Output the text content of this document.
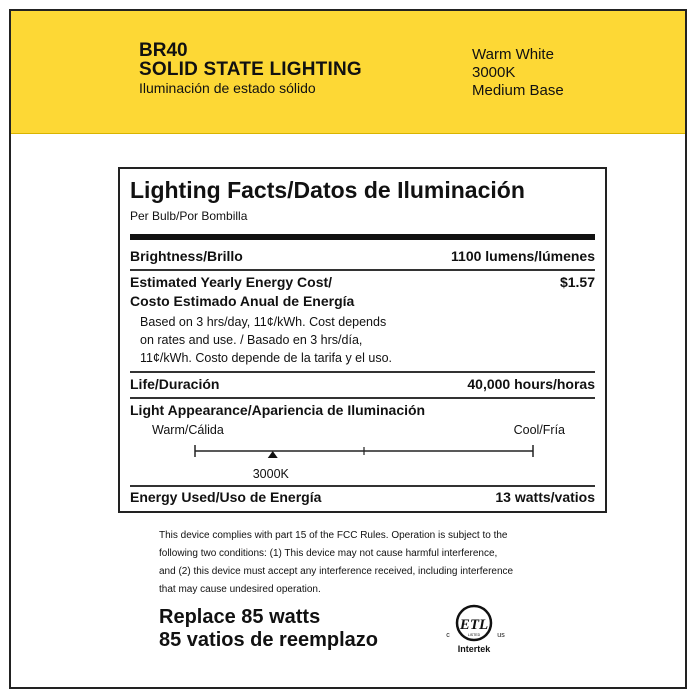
BR40
SOLID STATE LIGHTING
Iluminación de estado sólido
Warm White
3000K
Medium Base
Lighting Facts/Datos de Iluminación
Per Bulb/Por Bombilla
Brightness/Brillo	1100 lumens/lúmenes
Estimated Yearly Energy Cost/	$1.57
Costo Estimado Anual de Energía
Based on 3 hrs/day, 11¢/kWh. Cost depends
on rates and use. / Basado en 3 hrs/día,
11¢/kWh. Costo depende de la tarifa y el uso.
Life/Duración	40,000 hours/horas
Light Appearance/Apariencia de Iluminación
Warm/Cálida	Cool/Fría
3000K
Energy Used/Uso de Energía	13 watts/vatios
This device complies with part 15 of the FCC Rules. Operation is subject to the
following two conditions: (1) This device may not cause harmful interference,
and (2) this device must accept any interference received, including interference
that may cause undesired operation.
Replace 85 watts
85 vatios de reemplazo
ETL
LISTED
c	us
Intertek
